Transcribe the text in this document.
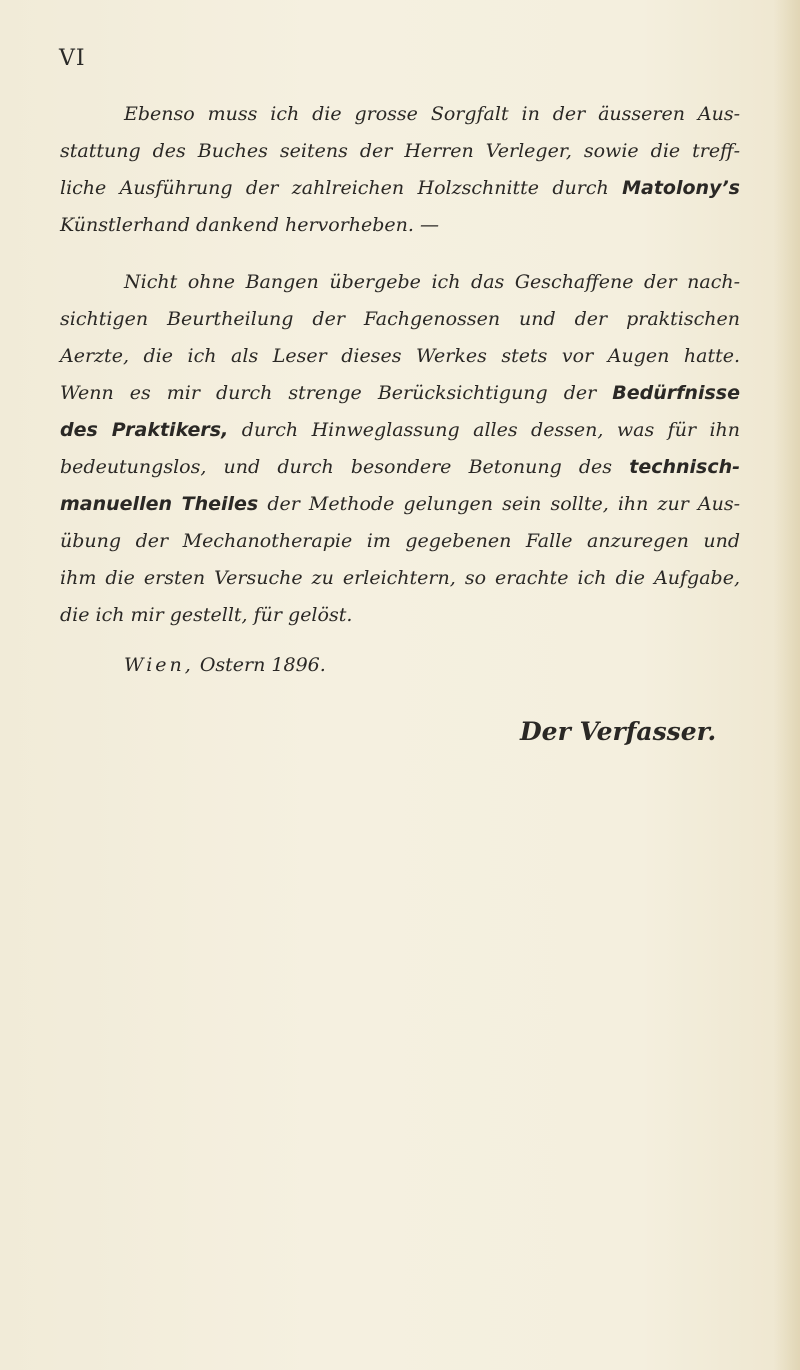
VI
Ebenso muss ich die grosse Sorgfalt in der äusseren Aus-
stattung des Buches seitens der Herren Verleger, sowie die treff-
liche Ausführung der zahlreichen Holzschnitte durch Matolony’s
Künstlerhand dankend hervorheben. —
Nicht ohne Bangen übergebe ich das Geschaffene der nach-
sichtigen Beurtheilung der Fachgenossen und der praktischen
Aerzte, die ich als Leser dieses Werkes stets vor Augen hatte.
Wenn es mir durch strenge Berücksichtigung der Bedürfnisse
des Praktikers, durch Hinweglassung alles dessen, was für ihn
bedeutungslos, und durch besondere Betonung des technisch-
manuellen Theiles der Methode gelungen sein sollte, ihn zur Aus-
übung der Mechanotherapie im gegebenen Falle anzuregen und
ihm die ersten Versuche zu erleichtern, so erachte ich die Aufgabe,
die ich mir gestellt, für gelöst.
Wien, Ostern 1896.
Der Verfasser.
